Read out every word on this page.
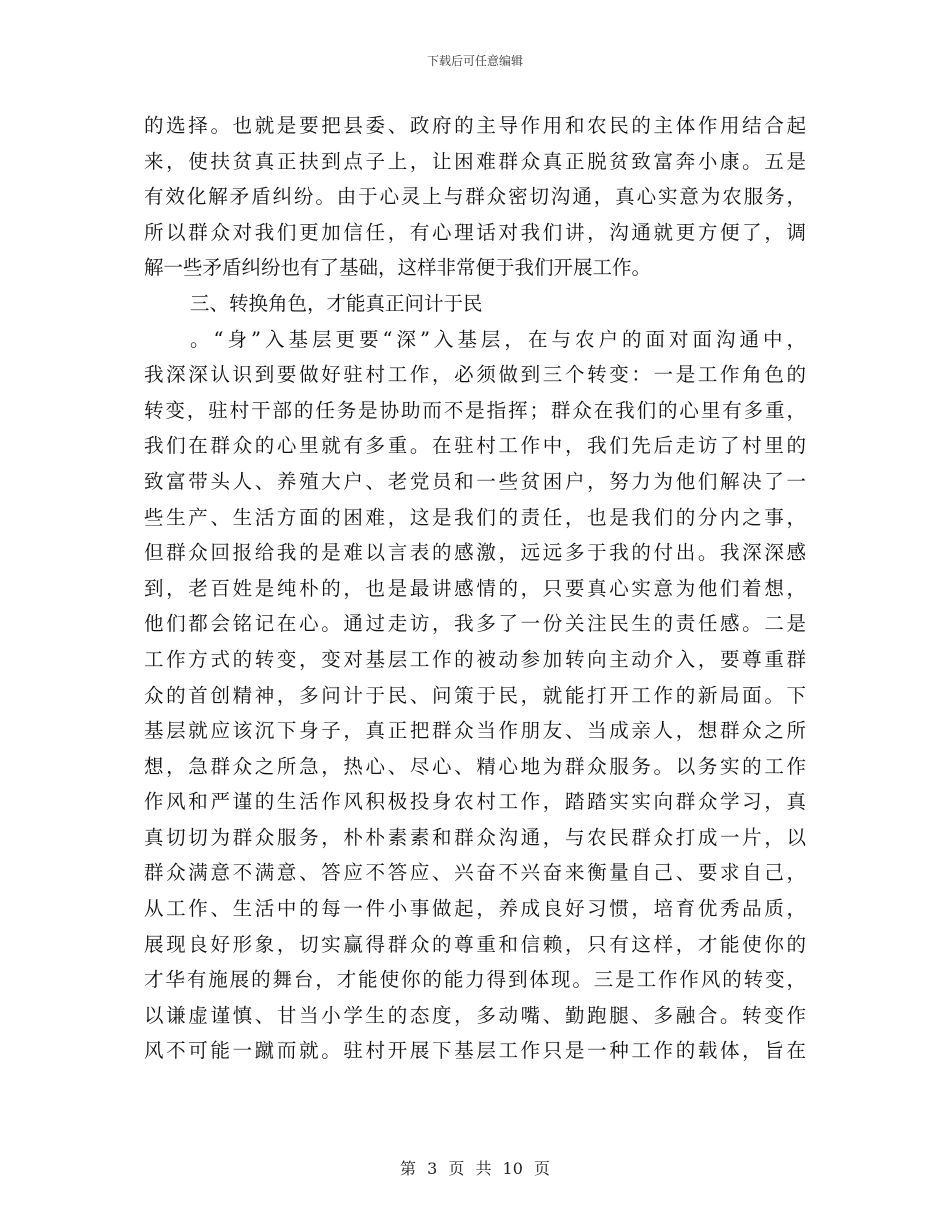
下载后可任意编辑
的选择。也就是要把县委、政府的主导作用和农民的主体作用结合起
来，使扶贫真正扶到点子上，让困难群众真正脱贫致富奔小康。五是
有效化解矛盾纠纷。由于心灵上与群众密切沟通，真心实意为农服务，
所以群众对我们更加信任，有心理话对我们讲，沟通就更方便了，调
解一些矛盾纠纷也有了基础，这样非常便于我们开展工作。
三、转换角色，才能真正问计于民
。“身”入基层更要“深”入基层，在与农户的面对面沟通中，
我深深认识到要做好驻村工作，必须做到三个转变：一是工作角色的
转变，驻村干部的任务是协助而不是指挥；群众在我们的心里有多重，
我们在群众的心里就有多重。在驻村工作中，我们先后走访了村里的
致富带头人、养殖大户、老党员和一些贫困户，努力为他们解决了一
些生产、生活方面的困难，这是我们的责任，也是我们的分内之事，
但群众回报给我的是难以言表的感激，远远多于我的付出。我深深感
到，老百姓是纯朴的，也是最讲感情的，只要真心实意为他们着想，
他们都会铭记在心。通过走访，我多了一份关注民生的责任感。二是
工作方式的转变，变对基层工作的被动参加转向主动介入，要尊重群
众的首创精神，多问计于民、问策于民，就能打开工作的新局面。下
基层就应该沉下身子，真正把群众当作朋友、当成亲人，想群众之所
想，急群众之所急，热心、尽心、精心地为群众服务。以务实的工作
作风和严谨的生活作风积极投身农村工作，踏踏实实向群众学习，真
真切切为群众服务，朴朴素素和群众沟通，与农民群众打成一片，以
群众满意不满意、答应不答应、兴奋不兴奋来衡量自己、要求自己，
从工作、生活中的每一件小事做起，养成良好习惯，培育优秀品质，
展现良好形象，切实赢得群众的尊重和信赖，只有这样，才能使你的
才华有施展的舞台，才能使你的能力得到体现。三是工作作风的转变，
以谦虚谨慎、甘当小学生的态度，多动嘴、勤跑腿、多融合。转变作
风不可能一蹴而就。驻村开展下基层工作只是一种工作的载体，旨在
第 3 页 共 10 页
